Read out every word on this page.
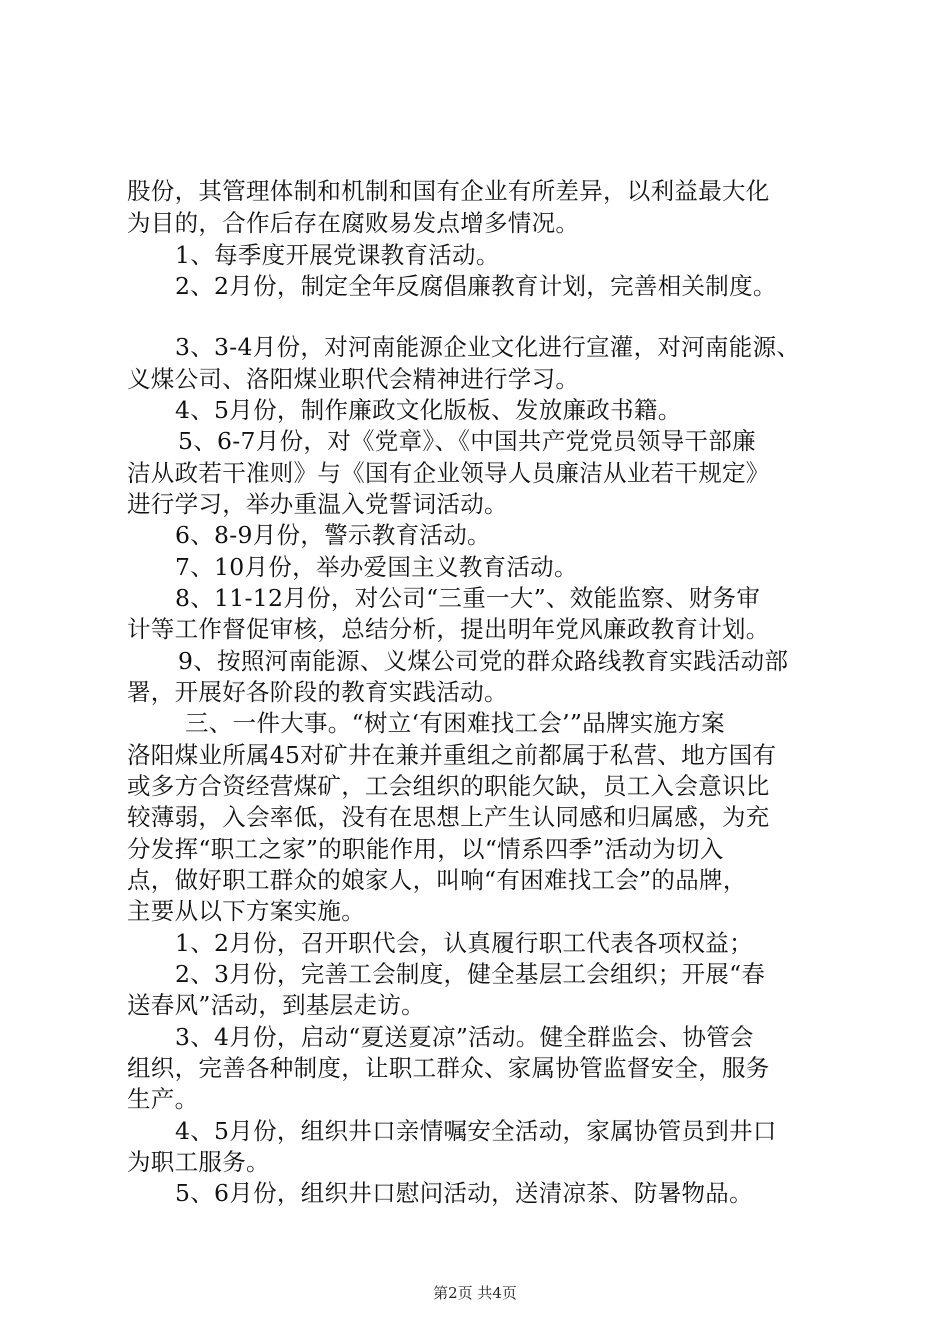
股份，其管理体制和机制和国有企业有所差异，以利益最大化
为目的，合作后存在腐败易发点增多情况。
1、每季度开展党课教育活动。
2、2月份，制定全年反腐倡廉教育计划，完善相关制度。
3、3-4月份，对河南能源企业文化进行宣灌，对河南能源、
义煤公司、洛阳煤业职代会精神进行学习。
4、5月份，制作廉政文化版板、发放廉政书籍。
5、6-7月份，对《党章》、《中国共产党党员领导干部廉
洁从政若干准则》与《国有企业领导人员廉洁从业若干规定》
进行学习，举办重温入党誓词活动。
6、8-9月份，警示教育活动。
7、10月份，举办爱国主义教育活动。
8、11-12月份，对公司“三重一大”、效能监察、财务审
计等工作督促审核，总结分析，提出明年党风廉政教育计划。
9、按照河南能源、义煤公司党的群众路线教育实践活动部
署，开展好各阶段的教育实践活动。
三、一件大事。“树立‘有困难找工会’”品牌实施方案
洛阳煤业所属45对矿井在兼并重组之前都属于私营、地方国有
或多方合资经营煤矿，工会组织的职能欠缺，员工入会意识比
较薄弱，入会率低，没有在思想上产生认同感和归属感，为充
分发挥“职工之家”的职能作用，以“情系四季”活动为切入
点，做好职工群众的娘家人，叫响“有困难找工会”的品牌，
主要从以下方案实施。
1、2月份，召开职代会，认真履行职工代表各项权益；
2、3月份，完善工会制度，健全基层工会组织；开展“春
送春风”活动，到基层走访。
3、4月份，启动“夏送夏凉”活动。健全群监会、协管会
组织，完善各种制度，让职工群众、家属协管监督安全，服务
生产。
4、5月份，组织井口亲情嘱安全活动，家属协管员到井口
为职工服务。
5、6月份，组织井口慰问活动，送清凉茶、防暑物品。
第2页 共4页
